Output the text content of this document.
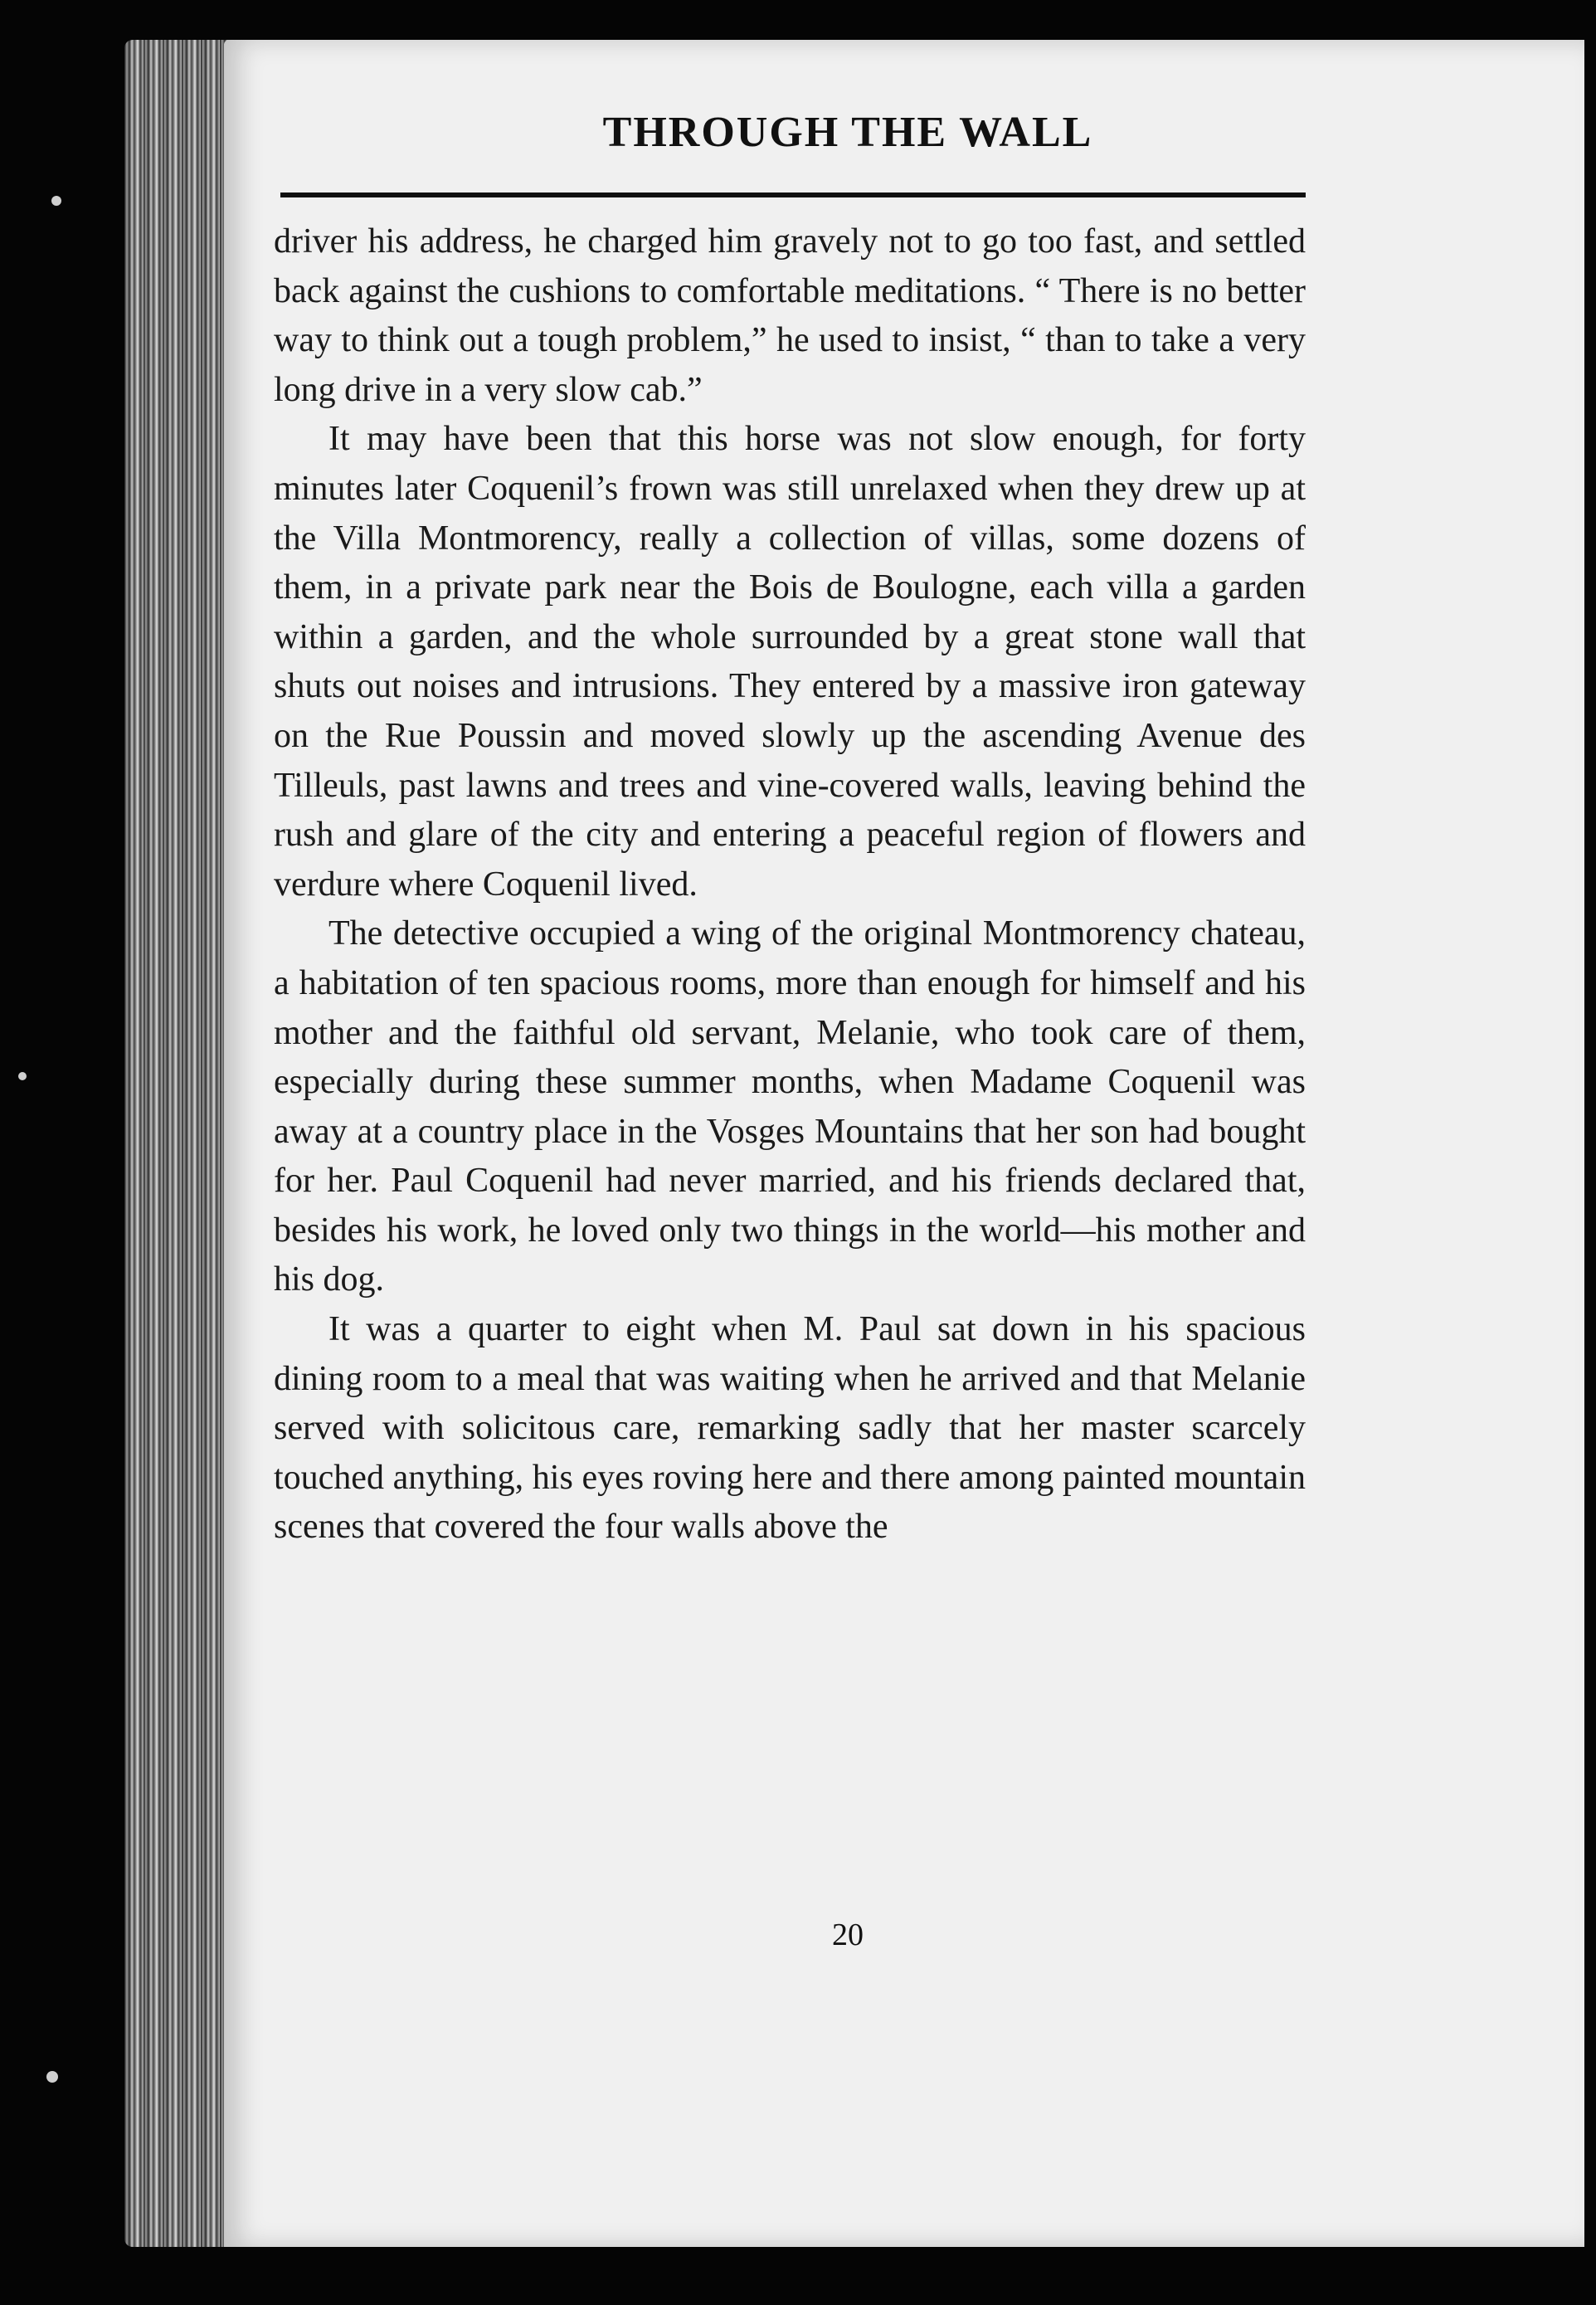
THROUGH THE WALL

driver his address, he charged him gravely not to go too fast, and settled back against the cushions to comfortable meditations. “ There is no better way to think out a tough problem,” he used to insist, “ than to take a very long drive in a very slow cab.”

It may have been that this horse was not slow enough, for forty minutes later Coquenil’s frown was still unrelaxed when they drew up at the Villa Montmorency, really a collection of villas, some dozens of them, in a private park near the Bois de Boulogne, each villa a garden within a garden, and the whole surrounded by a great stone wall that shuts out noises and intrusions. They entered by a massive iron gateway on the Rue Poussin and moved slowly up the ascending Avenue des Tilleuls, past lawns and trees and vine-covered walls, leaving behind the rush and glare of the city and entering a peaceful region of flowers and verdure where Coquenil lived.

The detective occupied a wing of the original Montmorency chateau, a habitation of ten spacious rooms, more than enough for himself and his mother and the faithful old servant, Melanie, who took care of them, especially during these summer months, when Madame Coquenil was away at a country place in the Vosges Mountains that her son had bought for her. Paul Coquenil had never married, and his friends declared that, besides his work, he loved only two things in the world—his mother and his dog.

It was a quarter to eight when M. Paul sat down in his spacious dining room to a meal that was waiting when he arrived and that Melanie served with solicitous care, remarking sadly that her master scarcely touched anything, his eyes roving here and there among painted mountain scenes that covered the four walls above the

20
